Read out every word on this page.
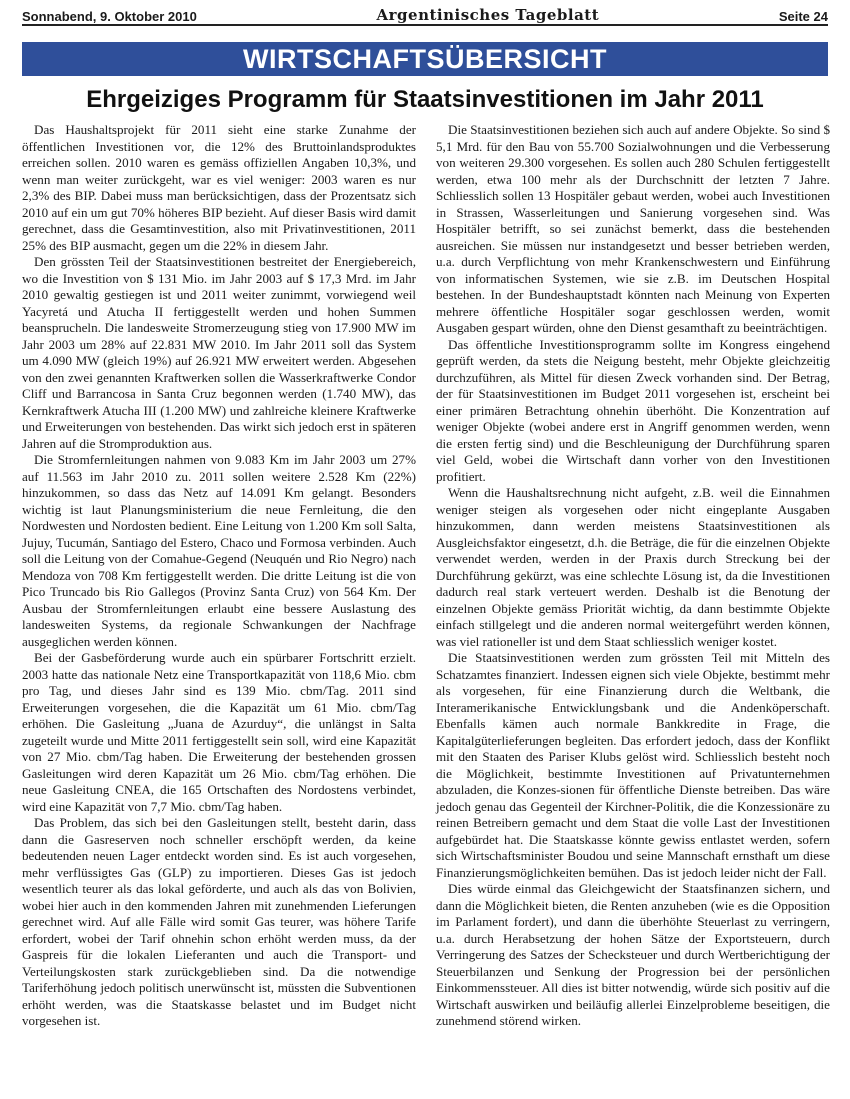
Sonnabend, 9. Oktober 2010	Argentinisches Tageblatt	Seite 24
WIRTSCHAFTSÜBERSICHT
Ehrgeiziges Programm für Staatsinvestitionen im Jahr 2011

Das Haushaltsprojekt für 2011 sieht eine starke Zunahme der öffentlichen Investitionen vor, die 12% des Bruttoinlandsproduktes erreichen sollen. 2010 waren es gemäss offiziellen Angaben 10,3%, und wenn man weiter zurückgeht, war es viel weniger: 2003 waren es nur 2,3% des BIP. Dabei muss man berücksichtigen, dass der Prozentsatz sich 2010 auf ein um gut 70% höheres BIP bezieht. Auf dieser Basis wird damit gerechnet, dass die Gesamtinvestition, also mit Privatinvestitionen, 2011 25% des BIP ausmacht, gegen um die 22% in diesem Jahr.

Den grössten Teil der Staatsinvestitionen bestreitet der Energiebereich, wo die Investition von $ 131 Mio. im Jahr 2003 auf $ 17,3 Mrd. im Jahr 2010 gewaltig gestiegen ist und 2011 weiter zunimmt, vorwiegend weil Yacyretá und Atucha II fertiggestellt werden und hohen Summen beansprucheln. Die landesweite Stromerzeugung stieg von 17.900 MW im Jahr 2003 um 28% auf 22.831 MW 2010. Im Jahr 2011 soll das System um 4.090 MW (gleich 19%) auf 26.921 MW erweitert werden. Abgesehen von den zwei genannten Kraftwerken sollen die Wasserkraftwerke Condor Cliff und Barrancosa in Santa Cruz begonnen werden (1.740 MW), das Kernkraftwerk Atucha III (1.200 MW) und zahlreiche kleinere Kraftwerke und Erweiterungen von bestehenden. Das wirkt sich jedoch erst in späteren Jahren auf die Stromproduktion aus.

Die Stromfernleitungen nahmen von 9.083 Km im Jahr 2003 um 27% auf 11.563 im Jahr 2010 zu. 2011 sollen weitere 2.528 Km (22%) hinzukommen, so dass das Netz auf 14.091 Km gelangt. Besonders wichtig ist laut Planungsministerium die neue Fernleitung, die den Nordwesten und Nordosten bedient. Eine Leitung von 1.200 Km soll Salta, Jujuy, Tucumán, Santiago del Estero, Chaco und Formosa verbinden. Auch soll die Leitung von der Comahue-Gegend (Neuquén und Rio Negro) nach Mendoza von 708 Km fertiggestellt werden. Die dritte Leitung ist die von Pico Truncado bis Rio Gallegos (Provinz Santa Cruz) von 564 Km. Der Ausbau der Stromfernleitungen erlaubt eine bessere Auslastung des landesweiten Systems, da regionale Schwankungen der Nachfrage ausgeglichen werden können.

Bei der Gasbeförderung wurde auch ein spürbarer Fortschritt erzielt. 2003 hatte das nationale Netz eine Transportkapazität von 118,6 Mio. cbm pro Tag, und dieses Jahr sind es 139 Mio. cbm/Tag. 2011 sind Erweiterungen vorgesehen, die die Kapazität um 61 Mio. cbm/Tag erhöhen. Die Gasleitung „Juana de Azurduy“, die unlängst in Salta zugeteilt wurde und Mitte 2011 fertiggestellt sein soll, wird eine Kapazität von 27 Mio. cbm/Tag haben. Die Erweiterung der bestehenden grossen Gasleitungen wird deren Kapazität um 26 Mio. cbm/Tag erhöhen. Die neue Gasleitung CNEA, die 165 Ortschaften des Nordostens verbindet, wird eine Kapazität von 7,7 Mio. cbm/Tag haben.

Das Problem, das sich bei den Gasleitungen stellt, besteht darin, dass dann die Gasreserven noch schneller erschöpft werden, da keine bedeutenden neuen Lager entdeckt worden sind. Es ist auch vorgesehen, mehr verflüssigtes Gas (GLP) zu importieren. Dieses Gas ist jedoch wesentlich teurer als das lokal geförderte, und auch als das von Bolivien, wobei hier auch in den kommenden Jahren mit zunehmenden Lieferungen gerechnet wird. Auf alle Fälle wird somit Gas teurer, was höhere Tarife erfordert, wobei der Tarif ohnehin schon erhöht werden muss, da der Gaspreis für die lokalen Lieferanten und auch die Transport- und Verteilungskosten stark zurückgeblieben sind. Da die notwendige Tariferhöhung jedoch politisch unerwünscht ist, müssten die Subventionen erhöht werden, was die Staatskasse belastet und im Budget nicht vorgesehen ist.

Die Staatsinvestitionen beziehen sich auch auf andere Objekte. So sind $ 5,1 Mrd. für den Bau von 55.700 Sozialwohnungen und die Verbesserung von weiteren 29.300 vorgesehen. Es sollen auch 280 Schulen fertiggestellt werden, etwa 100 mehr als der Durchschnitt der letzten 7 Jahre. Schliesslich sollen 13 Hospitäler gebaut werden, wobei auch Investitionen in Strassen, Wasserleitungen und Sanierung vorgesehen sind. Was Hospitäler betrifft, so sei zunächst bemerkt, dass die bestehenden ausreichen. Sie müssen nur instandgesetzt und besser betrieben werden, u.a. durch Verpflichtung von mehr Krankenschwestern und Einführung von informatischen Systemen, wie sie z.B. im Deutschen Hospital bestehen. In der Bundeshauptstadt könnten nach Meinung von Experten mehrere öffentliche Hospitäler sogar geschlossen werden, womit Ausgaben gespart würden, ohne den Dienst gesamthaft zu beeinträchtigen.

Das öffentliche Investitionsprogramm sollte im Kongress eingehend geprüft werden, da stets die Neigung besteht, mehr Objekte gleichzeitig durchzuführen, als Mittel für diesen Zweck vorhanden sind. Der Betrag, der für Staatsinvestitionen im Budget 2011 vorgesehen ist, erscheint bei einer primären Betrachtung ohnehin überhöht. Die Konzentration auf weniger Objekte (wobei andere erst in Angriff genommen werden, wenn die ersten fertig sind) und die Beschleunigung der Durchführung sparen viel Geld, wobei die Wirtschaft dann vorher von den Investitionen profitiert.

Wenn die Haushaltsrechnung nicht aufgeht, z.B. weil die Einnahmen weniger steigen als vorgesehen oder nicht eingeplante Ausgaben hinzukommen, dann werden meistens Staatsinvestitionen als Ausgleichsfaktor eingesetzt, d.h. die Beträge, die für die einzelnen Objekte verwendet werden, werden in der Praxis durch Streckung bei der Durchführung gekürzt, was eine schlechte Lösung ist, da die Investitionen dadurch real stark verteuert werden. Deshalb ist die Benotung der einzelnen Objekte gemäss Priorität wichtig, da dann bestimmte Objekte einfach stillgelegt und die anderen normal weitergeführt werden können, was viel rationeller ist und dem Staat schliesslich weniger kostet.

Die Staatsinvestitionen werden zum grössten Teil mit Mitteln des Schatzamtes finanziert. Indessen eignen sich viele Objekte, bestimmt mehr als vorgesehen, für eine Finanzierung durch die Weltbank, die Interamerikanische Entwicklungsbank und die Andenköperschaft. Ebenfalls kämen auch normale Bankkredite in Frage, die Kapitalgüterlieferungen begleiten. Das erfordert jedoch, dass der Konflikt mit den Staaten des Pariser Klubs gelöst wird. Schliesslich besteht noch die Möglichkeit, bestimmte Investitionen auf Privatunternehmen abzuladen, die Konzes-sionen für öffentliche Dienste betreiben. Das wäre jedoch genau das Gegenteil der Kirchner-Politik, die die Konzessionäre zu reinen Betreibern gemacht und dem Staat die volle Last der Investitionen aufgebürdet hat. Die Staatskasse könnte gewiss entlastet werden, sofern sich Wirtschaftsminister Boudou und seine Mannschaft ernsthaft um diese Finanzierungsmöglichkeiten bemühen. Das ist jedoch leider nicht der Fall.

Dies würde einmal das Gleichgewicht der Staatsfinanzen sichern, und dann die Möglichkeit bieten, die Renten anzuheben (wie es die Opposition im Parlament fordert), und dann die überhöhte Steuerlast zu verringern, u.a. durch Herabsetzung der hohen Sätze der Exportsteuern, durch Verringerung des Satzes der Schecksteuer und durch Wertberichtigung der Steuerbilanzen und Senkung der Progression bei der persönlichen Einkommenssteuer. All dies ist bitter notwendig, würde sich positiv auf die Wirtschaft auswirken und beiläufig allerlei Einzelprobleme beseitigen, die zunehmend störend wirken.
